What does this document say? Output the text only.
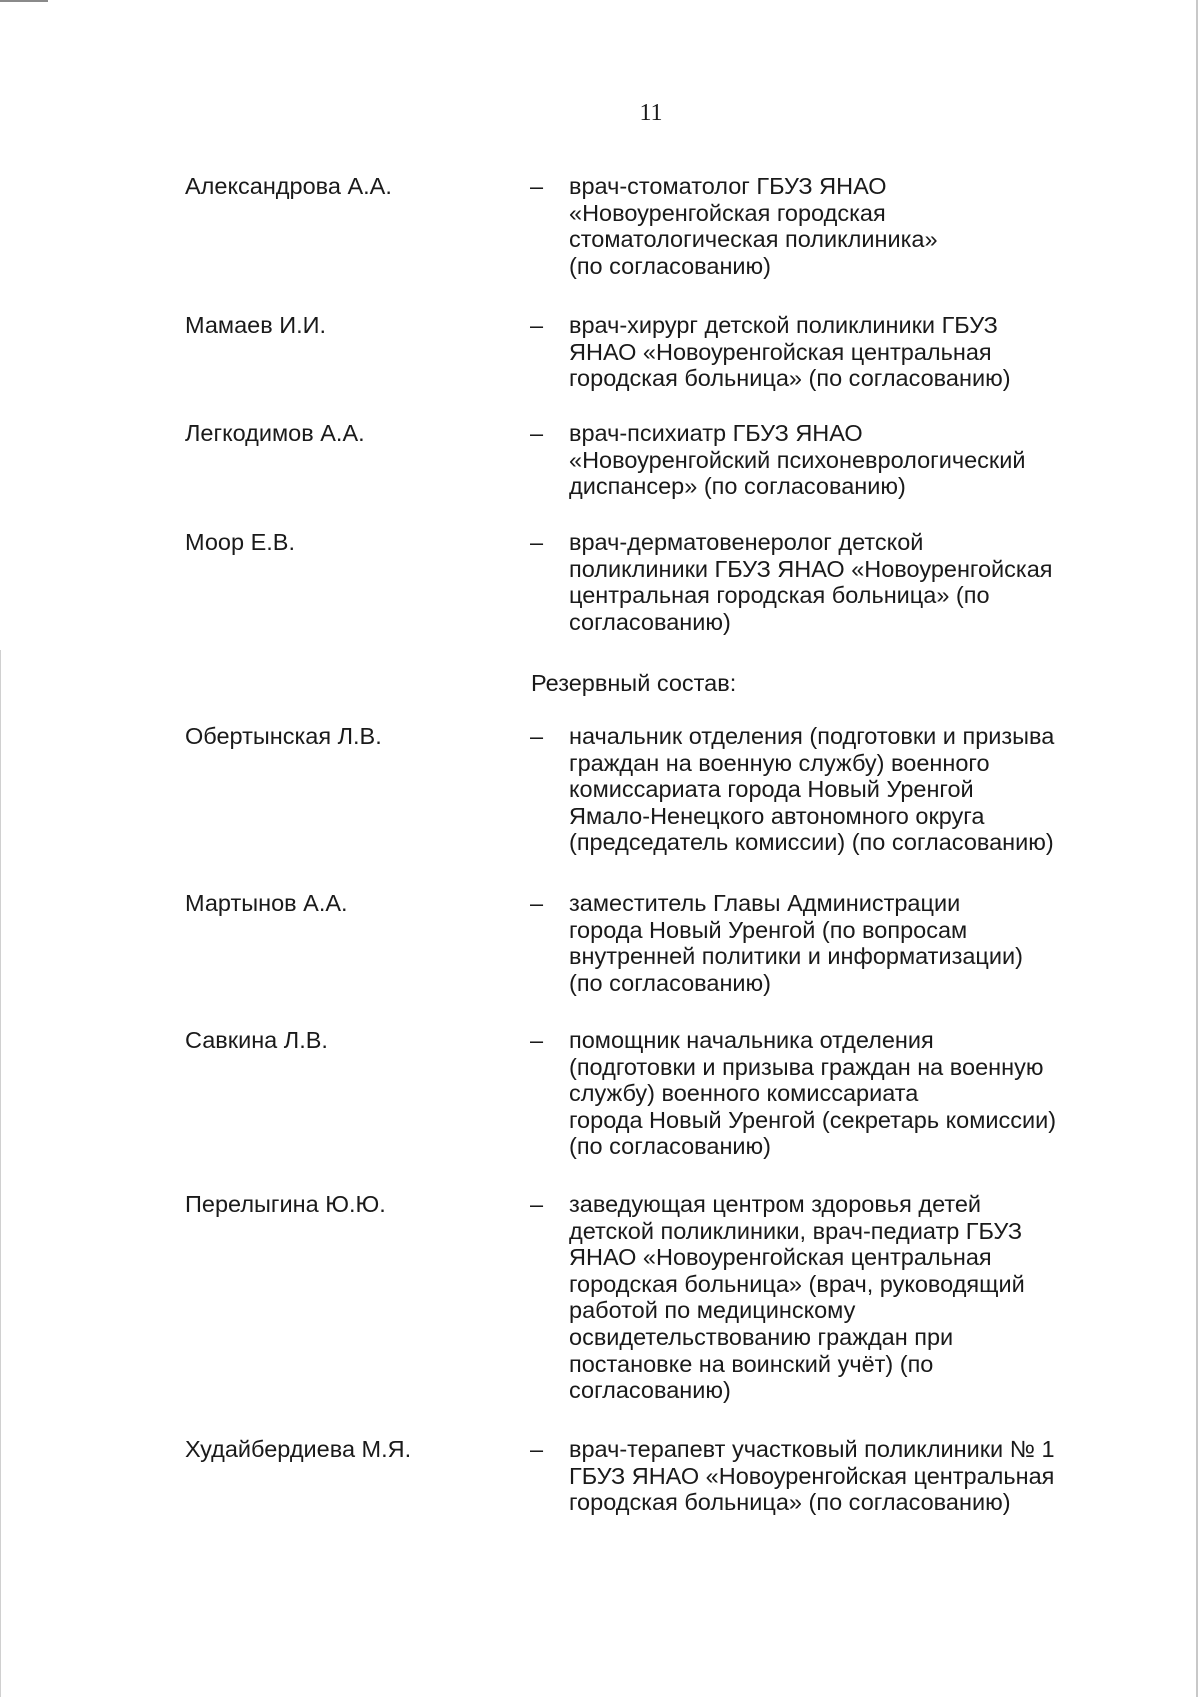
11
Резервный состав:
Александрова А.А.	– врач-стоматолог ГБУЗ ЯНАО
«Новоуренгойская городская
стоматологическая поликлиника»
(по согласованию)
Мамаев И.И.	– врач-хирург детской поликлиники ГБУЗ
ЯНАО «Новоуренгойская центральная
городская больница» (по согласованию)
Легкодимов А.А.	– врач-психиатр ГБУЗ ЯНАО
«Новоуренгойский психоневрологический
диспансер» (по согласованию)
Моор Е.В.	– врач-дерматовенеролог детской
поликлиники ГБУЗ ЯНАО «Новоуренгойская
центральная городская больница» (по
согласованию)
Обертынская Л.В.	– начальник отделения (подготовки и призыва
граждан на военную службу) военного
комиссариата города Новый Уренгой
Ямало-Ненецкого автономного округа
(председатель комиссии) (по согласованию)
Мартынов А.А.	– заместитель Главы Администрации
города Новый Уренгой (по вопросам
внутренней политики и информатизации)
(по согласованию)
Савкина Л.В.	– помощник начальника отделения
(подготовки и призыва граждан на военную
службу) военного комиссариата
города Новый Уренгой (секретарь комиссии)
(по согласованию)
Перелыгина Ю.Ю.	– заведующая центром здоровья детей
детской поликлиники, врач-педиатр ГБУЗ
ЯНАО «Новоуренгойская центральная
городская больница» (врач, руководящий
работой по медицинскому
освидетельствованию граждан при
постановке на воинский учёт) (по
согласованию)
Худайбердиева М.Я.	– врач-терапевт участковый поликлиники № 1
ГБУЗ ЯНАО «Новоуренгойская центральная
городская больница» (по согласованию)
